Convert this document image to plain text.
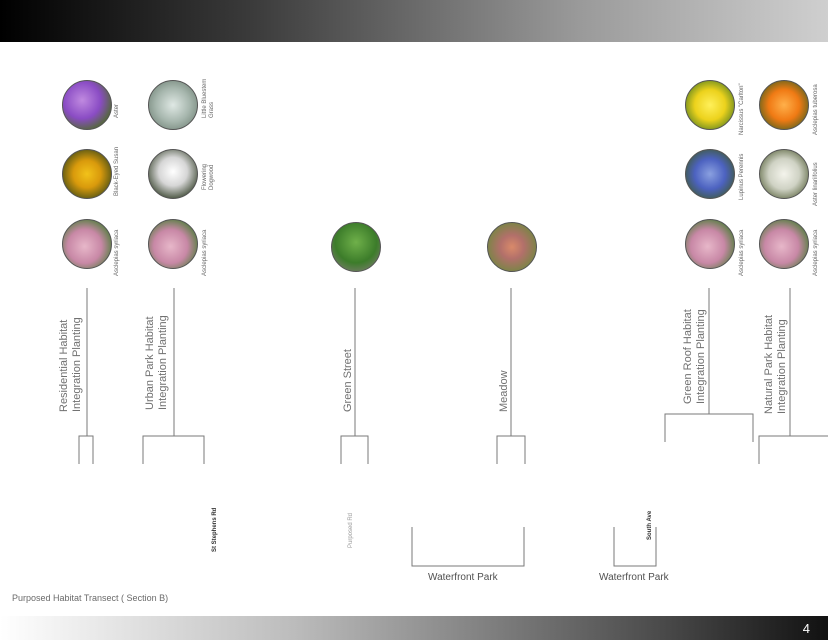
Aster
Black-Eyed Susan
Asclepias syriaca
Little Bluestem
Grass
Flowering
Dogwood
Asclepias syriaca
Narcissus "Carlton"
Lupinus Perennis
Asclepias syriaca
Asclepias tuberosa
Aster linariifolius
Asclepias syriaca
Residential Habitat
Integration Planting
Urban Park Habitat
Integration Planting
Green Street	Meadow	Green Roof Habitat
Integration Planting
Natural Park Habitat
Integration Planting
St Stephens Rd	Purposed Rd	South Ave
Waterfront Park	Waterfront Park
Purposed Habitat Transect ( Section B)
4
